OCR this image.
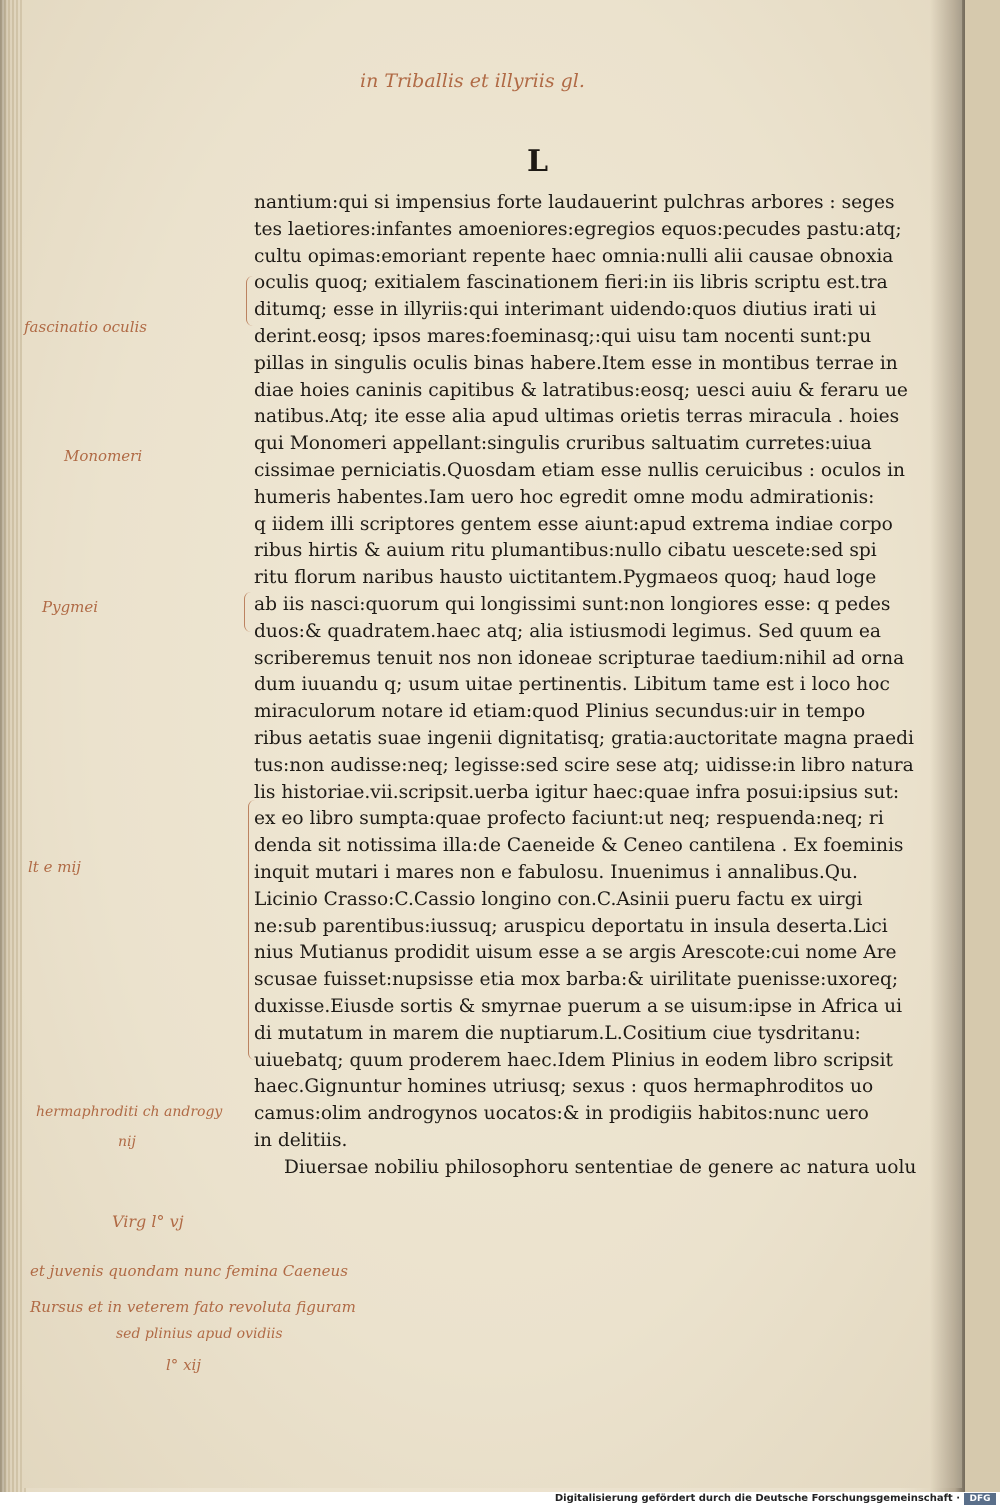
in Triballis et illyriis gl.
L
nantium:qui si impensius forte laudauerint pulchras arbores : seges
tes laetiores:infantes amoeniores:egregios equos:pecudes pastu:atq;
cultu opimas:emoriant repente haec omnia:nulli alii causae obnoxia
oculis quoq; exitialem fascinationem fieri:in iis libris scriptu est.tra
ditumq; esse in illyriis:qui interimant uidendo:quos diutius irati ui
derint.eosq; ipsos mares:foeminasq;:qui uisu tam nocenti sunt:pu
pillas in singulis oculis binas habere.Item esse in montibus terrae in
diae hoies caninis capitibus & latratibus:eosq; uesci auiu & feraru ue
natibus.Atq; ite esse alia apud ultimas orietis terras miracula . hoies
qui Monomeri appellant:singulis cruribus saltuatim curretes:uiua
cissimae perniciatis.Quosdam etiam esse nullis ceruicibus : oculos in
humeris habentes.Iam uero hoc egredit omne modu admirationis:
q iidem illi scriptores gentem esse aiunt:apud extrema indiae corpo
ribus hirtis & auium ritu plumantibus:nullo cibatu uescete:sed spi
ritu florum naribus hausto uictitantem.Pygmaeos quoq; haud loge
ab iis nasci:quorum qui longissimi sunt:non longiores esse: q pedes
duos:& quadratem.haec atq; alia istiusmodi legimus. Sed quum ea
scriberemus tenuit nos non idoneae scripturae taedium:nihil ad orna
dum iuuandu q; usum uitae pertinentis. Libitum tame est i loco hoc
miraculorum notare id etiam:quod Plinius secundus:uir in tempo
ribus aetatis suae ingenii dignitatisq; gratia:auctoritate magna praedi
tus:non audisse:neq; legisse:sed scire sese atq; uidisse:in libro natura
lis historiae.vii.scripsit.uerba igitur haec:quae infra posui:ipsius sut:
ex eo libro sumpta:quae profecto faciunt:ut neq; respuenda:neq; ri
denda sit notissima illa:de Caeneide & Ceneo cantilena . Ex foeminis
inquit mutari i mares non e fabulosu. Inuenimus i annalibus.Qu.
Licinio Crasso:C.Cassio longino con.C.Asinii pueru factu ex uirgi
ne:sub parentibus:iussuq; aruspicu deportatu in insula deserta.Lici
nius Mutianus prodidit uisum esse a se argis Arescote:cui nome Are
scusae fuisset:nupsisse etia mox barba:& uirilitate puenisse:uxoreq;
duxisse.Eiusde sortis & smyrnae puerum a se uisum:ipse in Africa ui
di mutatum in marem die nuptiarum.L.Cositium ciue tysdritanu:
uiuebatq; quum proderem haec.Idem Plinius in eodem libro scripsit
haec.Gignuntur homines utriusq; sexus : quos hermaphroditos uo
camus:olim androgynos uocatos:& in prodigiis habitos:nunc uero
in delitiis.
Diuersae nobiliu philosophoru sententiae de genere ac natura uolu
fascinatio oculis
Monomeri
Pygmei
lt e mij
hermaphroditi ch androgy
nij
Virg l° vj
et juvenis quondam nunc femina Caeneus
Rursus et in veterem fato revoluta figuram
sed plinius apud ovidiis
l° xij
Digitalisierung gefördert durch die Deutsche Forschungsgemeinschaft ·	DFG
